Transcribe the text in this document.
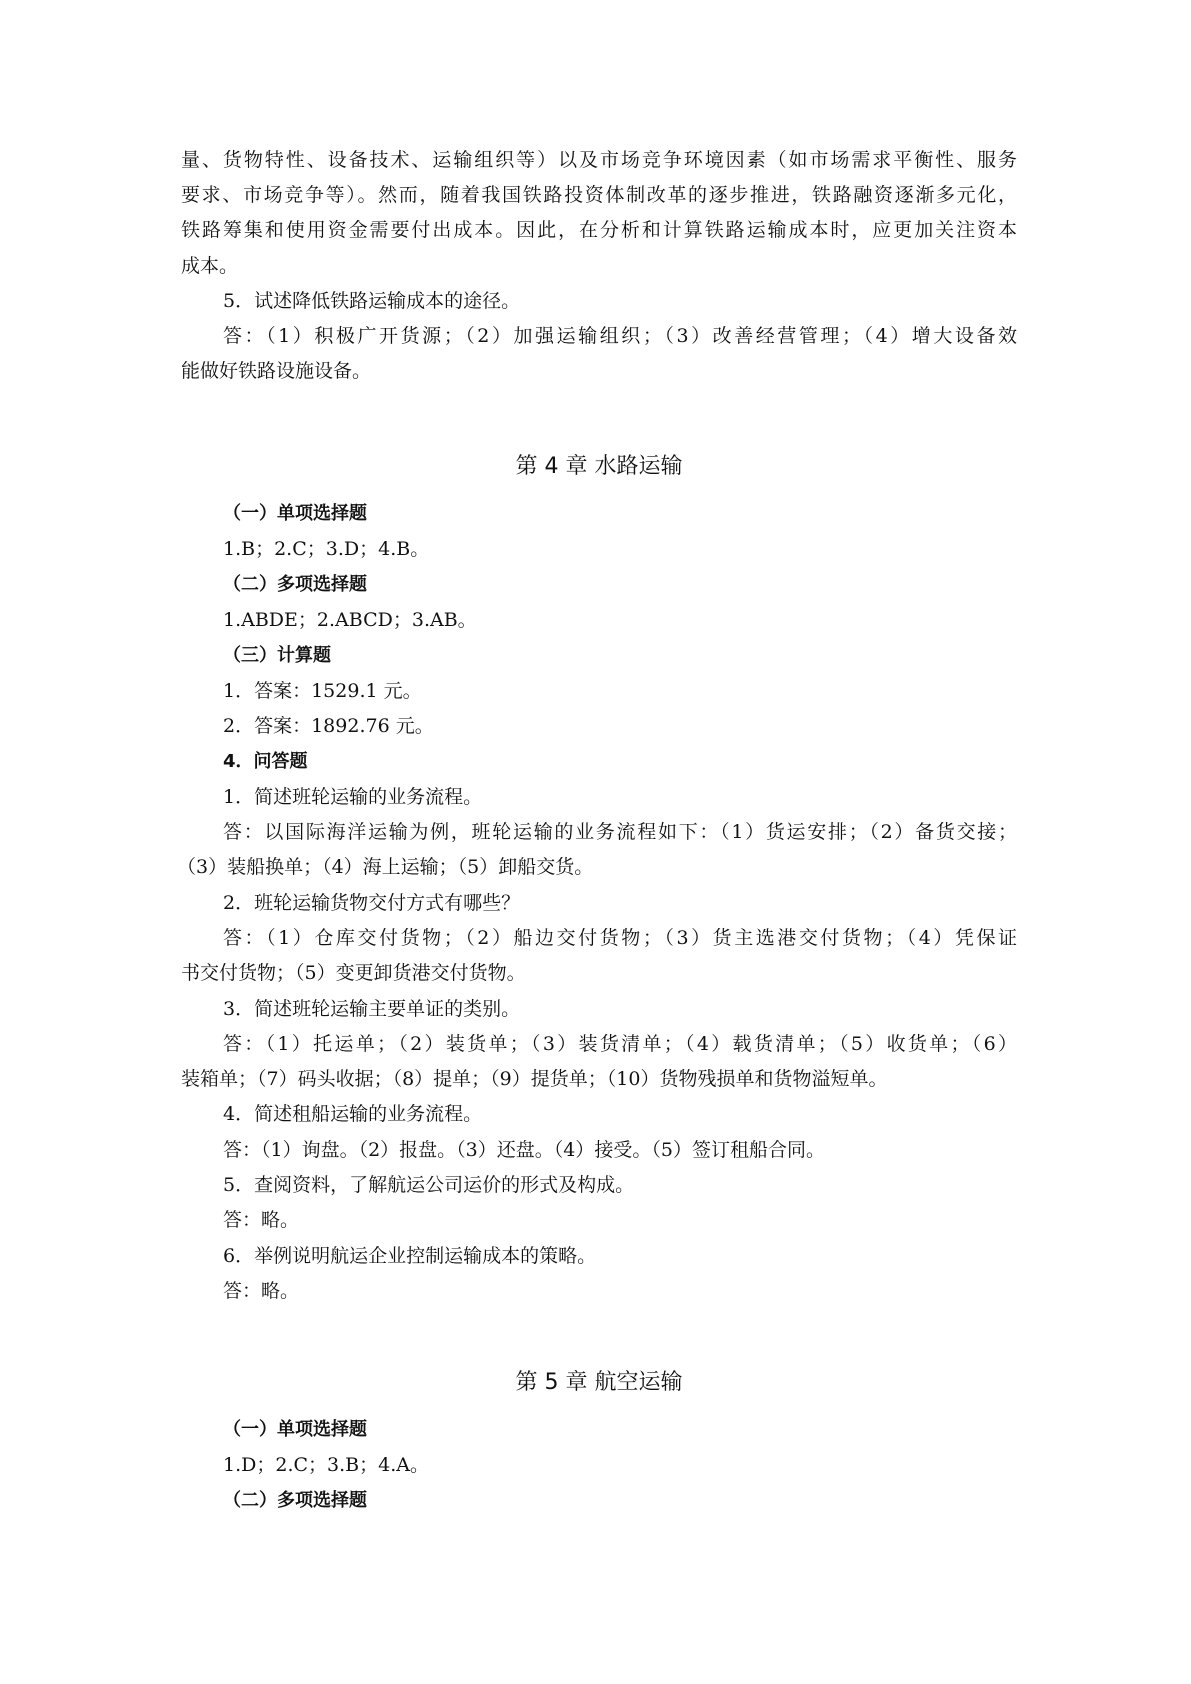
量、货物特性、设备技术、运输组织等）以及市场竞争环境因素（如市场需求平衡性、服务
要求、市场竞争等）。然而，随着我国铁路投资体制改革的逐步推进，铁路融资逐渐多元化，
铁路筹集和使用资金需要付出成本。因此，在分析和计算铁路运输成本时，应更加关注资本
成本。
5．试述降低铁路运输成本的途径。
答：（1）积极广开货源；（2）加强运输组织；（3）改善经营管理；（4）增大设备效
能做好铁路设施设备。
第 4 章 水路运输
（一）单项选择题
1.B；2.C；3.D；4.B。
（二）多项选择题
1.ABDE；2.ABCD；3.AB。
（三）计算题
1．答案：1529.1 元。
2．答案：1892.76 元。
4．问答题
1．简述班轮运输的业务流程。
答：以国际海洋运输为例，班轮运输的业务流程如下：（1）货运安排；（2）备货交接；
（3）装船换单；（4）海上运输；（5）卸船交货。
2．班轮运输货物交付方式有哪些？
答：（1）仓库交付货物；（2）船边交付货物；（3）货主选港交付货物；（4）凭保证
书交付货物；（5）变更卸货港交付货物。
3．简述班轮运输主要单证的类别。
答：（1）托运单；（2）装货单；（3）装货清单；（4）载货清单；（5）收货单；（6）
装箱单；（7）码头收据；（8）提单；（9）提货单；（10）货物残损单和货物溢短单。
4．简述租船运输的业务流程。
答：（1）询盘。（2）报盘。（3）还盘。（4）接受。（5）签订租船合同。
5．查阅资料，了解航运公司运价的形式及构成。
答：略。
6．举例说明航运企业控制运输成本的策略。
答：略。
第 5 章 航空运输
（一）单项选择题
1.D；2.C；3.B；4.A。
（二）多项选择题
